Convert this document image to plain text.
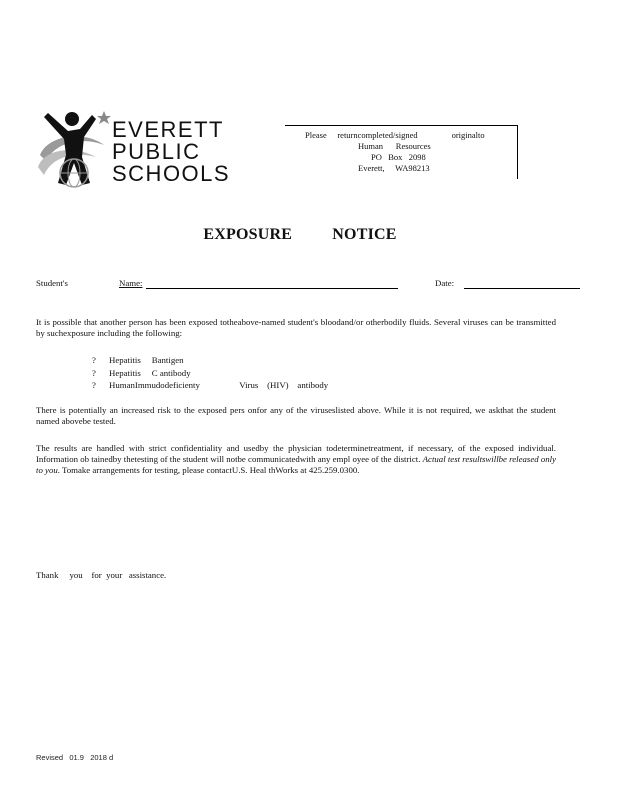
EVERETT
PUBLIC
SCHOOLS
Please     returncompleted/signed                originalto
Human      Resources
PO   Box   2098
Everett,     WA98213
EXPOSURE	NOTICE
Student's	Name:	Date:

It is possible that another person has been exposed totheabove-named student's bloodand/or otherbodily fluids. Several viruses can be transmitted by suchexposure including the following:

? Hepatitis     Bantigen
? Hepatitis     C antibody
? HumanImmudodeficienty                  Virus    (HIV)    antibody

There is potentially an increased risk to the exposed pers onfor any of the viruseslisted above. While it is not required, we askthat the student named abovebe tested.

The results are handled with strict confidentiality and usedby the physician todeterminetreatment, if necessary, of the exposed individual. Information ob tainedby thetesting of the student will notbe communicatedwith any empl oyee of the district. Actual test resultswillbe released only to you. Tomake arrangements for testing, please contactU.S. Heal thWorks at 425.259.0300.

Thank     you    for  your   assistance.
Revised   01.9   2018 d
